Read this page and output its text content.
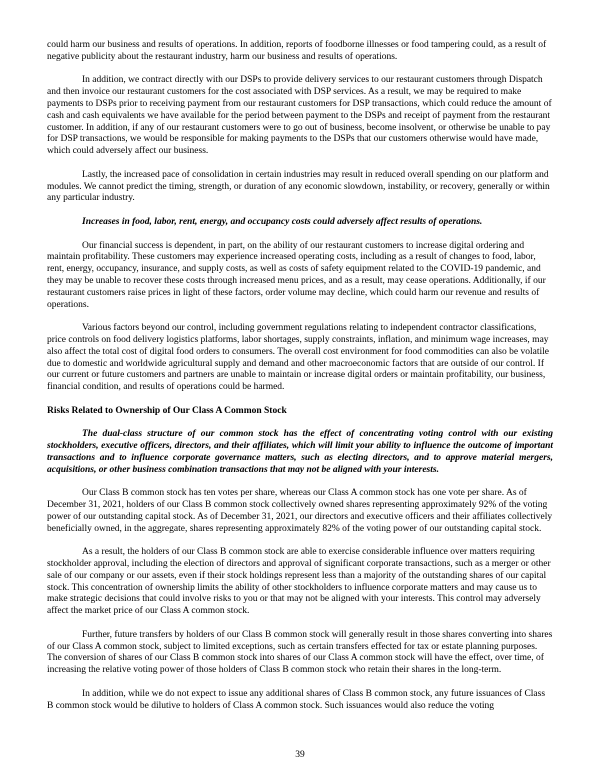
could harm our business and results of operations. In addition, reports of foodborne illnesses or food tampering could, as a result of negative publicity about the restaurant industry, harm our business and results of operations.

In addition, we contract directly with our DSPs to provide delivery services to our restaurant customers through Dispatch and then invoice our restaurant customers for the cost associated with DSP services. As a result, we may be required to make payments to DSPs prior to receiving payment from our restaurant customers for DSP transactions, which could reduce the amount of cash and cash equivalents we have available for the period between payment to the DSPs and receipt of payment from the restaurant customer. In addition, if any of our restaurant customers were to go out of business, become insolvent, or otherwise be unable to pay for DSP transactions, we would be responsible for making payments to the DSPs that our customers otherwise would have made, which could adversely affect our business.

Lastly, the increased pace of consolidation in certain industries may result in reduced overall spending on our platform and modules. We cannot predict the timing, strength, or duration of any economic slowdown, instability, or recovery, generally or within any particular industry.

Increases in food, labor, rent, energy, and occupancy costs could adversely affect results of operations.

Our financial success is dependent, in part, on the ability of our restaurant customers to increase digital ordering and maintain profitability. These customers may experience increased operating costs, including as a result of changes to food, labor, rent, energy, occupancy, insurance, and supply costs, as well as costs of safety equipment related to the COVID-19 pandemic, and they may be unable to recover these costs through increased menu prices, and as a result, may cease operations. Additionally, if our restaurant customers raise prices in light of these factors, order volume may decline, which could harm our revenue and results of operations.

Various factors beyond our control, including government regulations relating to independent contractor classifications, price controls on food delivery logistics platforms, labor shortages, supply constraints, inflation, and minimum wage increases, may also affect the total cost of digital food orders to consumers. The overall cost environment for food commodities can also be volatile due to domestic and worldwide agricultural supply and demand and other macroeconomic factors that are outside of our control. If our current or future customers and partners are unable to maintain or increase digital orders or maintain profitability, our business, financial condition, and results of operations could be harmed.

Risks Related to Ownership of Our Class A Common Stock

The dual-class structure of our common stock has the effect of concentrating voting control with our existing stockholders, executive officers, directors, and their affiliates, which will limit your ability to influence the outcome of important transactions and to influence corporate governance matters, such as electing directors, and to approve material mergers, acquisitions, or other business combination transactions that may not be aligned with your interests.

Our Class B common stock has ten votes per share, whereas our Class A common stock has one vote per share. As of December 31, 2021, holders of our Class B common stock collectively owned shares representing approximately 92% of the voting power of our outstanding capital stock. As of December 31, 2021, our directors and executive officers and their affiliates collectively beneficially owned, in the aggregate, shares representing approximately 82% of the voting power of our outstanding capital stock.

As a result, the holders of our Class B common stock are able to exercise considerable influence over matters requiring stockholder approval, including the election of directors and approval of significant corporate transactions, such as a merger or other sale of our company or our assets, even if their stock holdings represent less than a majority of the outstanding shares of our capital stock. This concentration of ownership limits the ability of other stockholders to influence corporate matters and may cause us to make strategic decisions that could involve risks to you or that may not be aligned with your interests. This control may adversely affect the market price of our Class A common stock.

Further, future transfers by holders of our Class B common stock will generally result in those shares converting into shares of our Class A common stock, subject to limited exceptions, such as certain transfers effected for tax or estate planning purposes. The conversion of shares of our Class B common stock into shares of our Class A common stock will have the effect, over time, of increasing the relative voting power of those holders of Class B common stock who retain their shares in the long-term.

In addition, while we do not expect to issue any additional shares of Class B common stock, any future issuances of Class B common stock would be dilutive to holders of Class A common stock. Such issuances would also reduce the voting

39
